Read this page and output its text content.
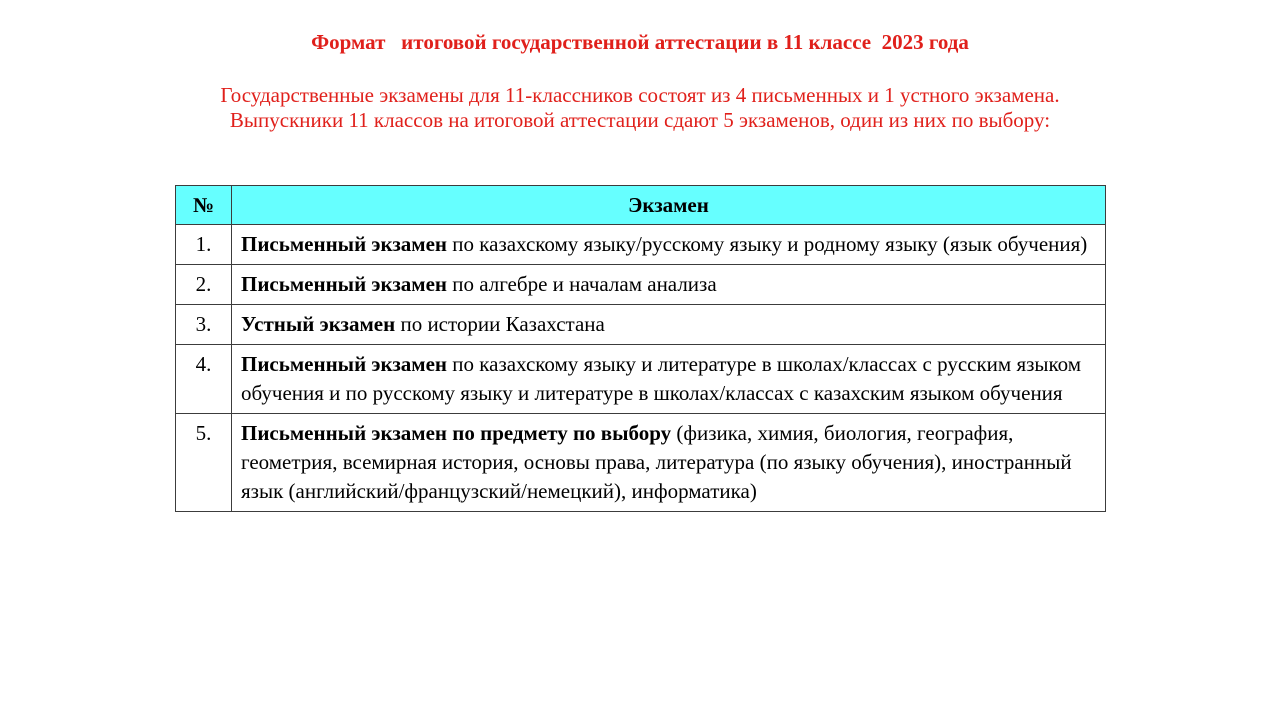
Формат   итоговой государственной аттестации в 11 классе  2023 года
Государственные экзамены для 11-классников состоят из 4 письменных и 1 устного экзамена. Выпускники 11 классов на итоговой аттестации сдают 5 экзаменов, один из них по выбору:
№	Экзамен
1.	Письменный экзамен по казахскому языку/русскому языку и родному языку (язык обучения)
2.	Письменный экзамен по алгебре и началам анализа
3.	Устный экзамен по истории Казахстана
4.	Письменный экзамен по казахскому языку и литературе в школах/классах с русским языком обучения и по русскому языку и литературе в школах/классах с казахским языком обучения
5.	Письменный экзамен по предмету по выбору (физика, химия, биология, география, геометрия, всемирная история, основы права, литература (по языку обучения), иностранный язык (английский/французский/немецкий), информатика)
